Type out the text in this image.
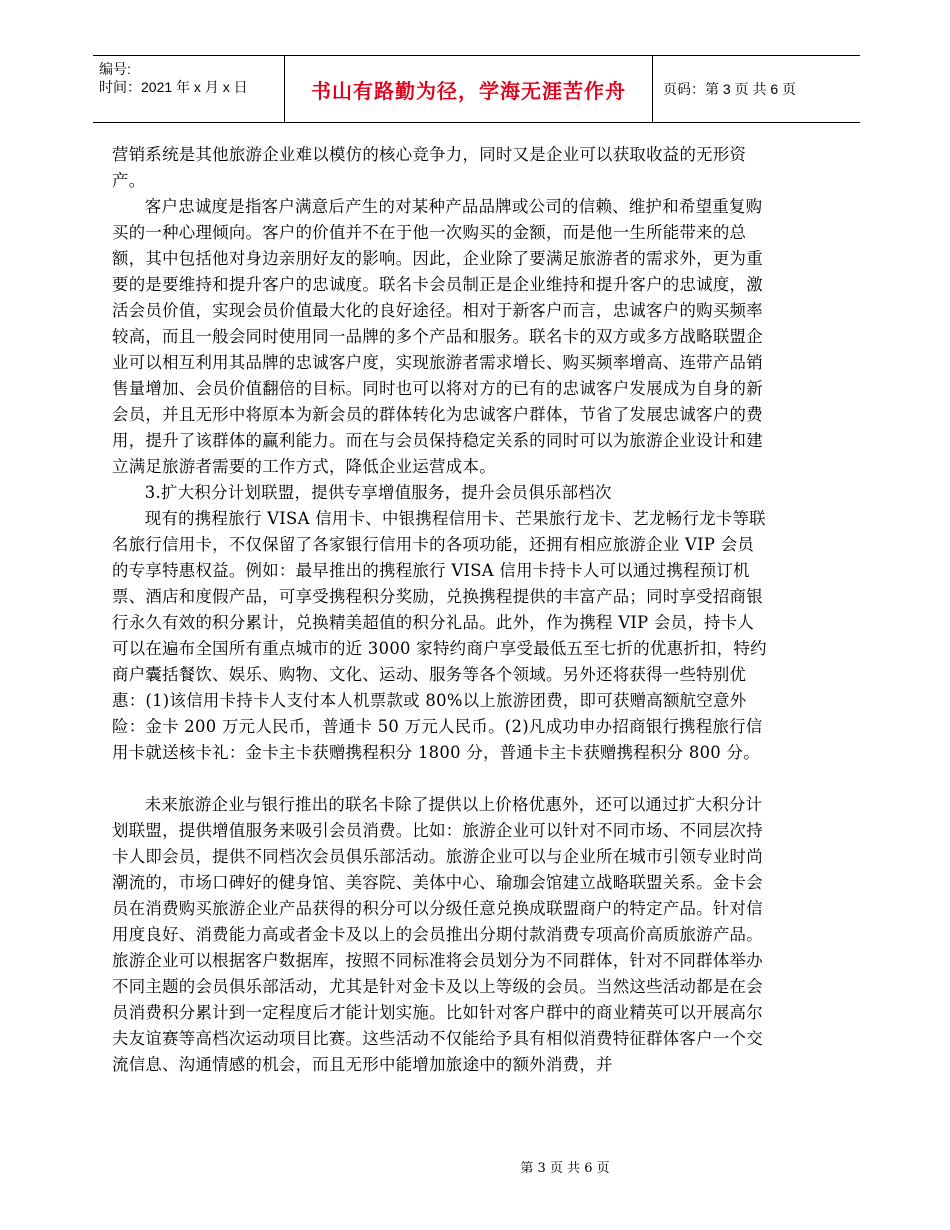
编号:
时间：2021 年 x 月 x 日	书山有路勤为径，学海无涯苦作舟	页码：第 3 页 共 6 页

营销系统是其他旅游企业难以模仿的核心竞争力，同时又是企业可以获取收益的无形资产。

客户忠诚度是指客户满意后产生的对某种产品品牌或公司的信赖、维护和希望重复购买的一种心理倾向。客户的价值并不在于他一次购买的金额，而是他一生所能带来的总额，其中包括他对身边亲朋好友的影响。因此，企业除了要满足旅游者的需求外，更为重要的是要维持和提升客户的忠诚度。联名卡会员制正是企业维持和提升客户的忠诚度，激活会员价值，实现会员价值最大化的良好途径。相对于新客户而言，忠诚客户的购买频率较高，而且一般会同时使用同一品牌的多个产品和服务。联名卡的双方或多方战略联盟企业可以相互利用其品牌的忠诚客户度，实现旅游者需求增长、购买频率增高、连带产品销售量增加、会员价值翻倍的目标。同时也可以将对方的已有的忠诚客户发展成为自身的新会员，并且无形中将原本为新会员的群体转化为忠诚客户群体，节省了发展忠诚客户的费用，提升了该群体的赢利能力。而在与会员保持稳定关系的同时可以为旅游企业设计和建立满足旅游者需要的工作方式，降低企业运营成本。

3.扩大积分计划联盟，提供专享增值服务，提升会员俱乐部档次

现有的携程旅行 VISA 信用卡、中银携程信用卡、芒果旅行龙卡、艺龙畅行龙卡等联名旅行信用卡，不仅保留了各家银行信用卡的各项功能，还拥有相应旅游企业 VIP 会员的专享特惠权益。例如：最早推出的携程旅行 VISA 信用卡持卡人可以通过携程预订机票、酒店和度假产品，可享受携程积分奖励，兑换携程提供的丰富产品；同时享受招商银行永久有效的积分累计，兑换精美超值的积分礼品。此外，作为携程 VIP 会员，持卡人可以在遍布全国所有重点城市的近 3000 家特约商户享受最低五至七折的优惠折扣，特约商户囊括餐饮、娱乐、购物、文化、运动、服务等各个领域。另外还将获得一些特别优惠：(1)该信用卡持卡人支付本人机票款或 80%以上旅游团费，即可获赠高额航空意外险：金卡 200 万元人民币，普通卡 50 万元人民币。(2)凡成功申办招商银行携程旅行信用卡就送核卡礼：金卡主卡获赠携程积分 1800 分，普通卡主卡获赠携程积分 800 分。

未来旅游企业与银行推出的联名卡除了提供以上价格优惠外，还可以通过扩大积分计划联盟，提供增值服务来吸引会员消费。比如：旅游企业可以针对不同市场、不同层次持卡人即会员，提供不同档次会员俱乐部活动。旅游企业可以与企业所在城市引领专业时尚潮流的，市场口碑好的健身馆、美容院、美体中心、瑜珈会馆建立战略联盟关系。金卡会员在消费购买旅游企业产品获得的积分可以分级任意兑换成联盟商户的特定产品。针对信用度良好、消费能力高或者金卡及以上的会员推出分期付款消费专项高价高质旅游产品。旅游企业可以根据客户数据库，按照不同标准将会员划分为不同群体，针对不同群体举办不同主题的会员俱乐部活动，尤其是针对金卡及以上等级的会员。当然这些活动都是在会员消费积分累计到一定程度后才能计划实施。比如针对客户群中的商业精英可以开展高尔夫友谊赛等高档次运动项目比赛。这些活动不仅能给予具有相似消费特征群体客户一个交流信息、沟通情感的机会，而且无形中能增加旅途中的额外消费，并

第 3 页 共 6 页
